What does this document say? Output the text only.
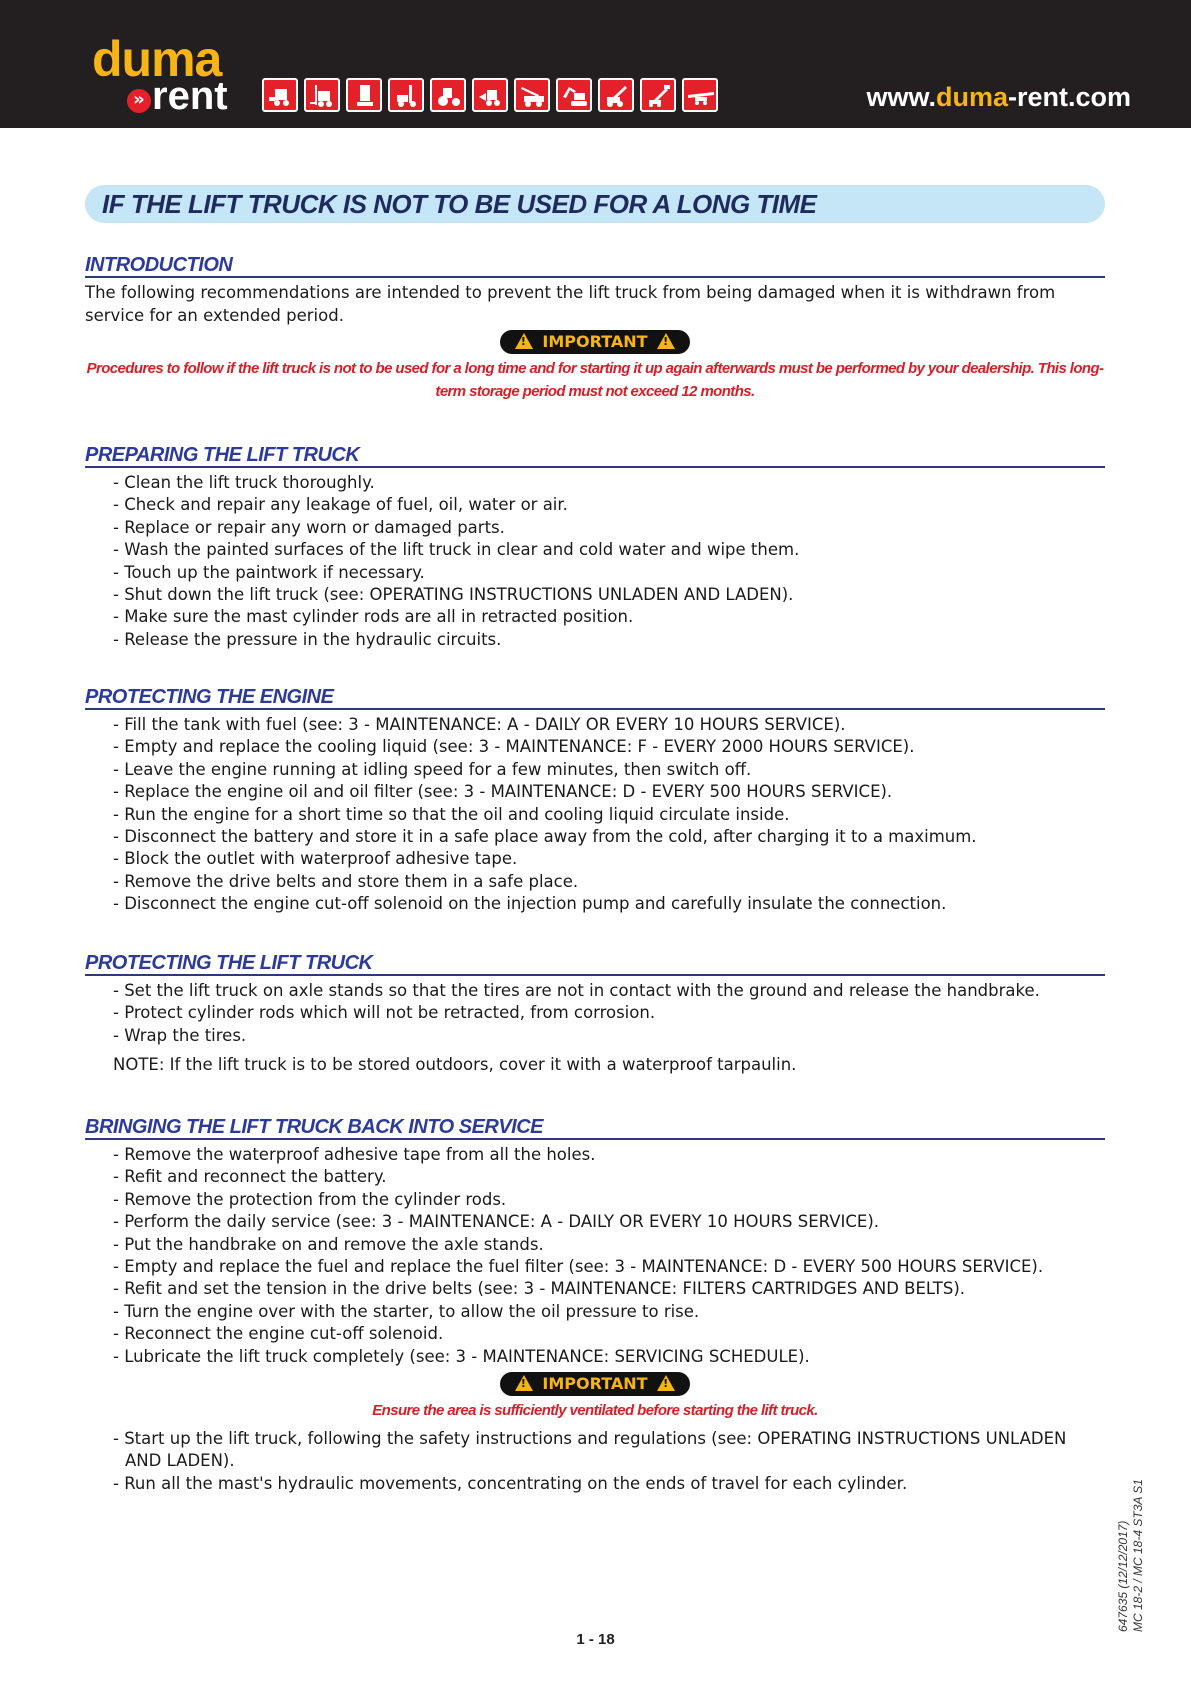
duma
» rent	www.duma-rent.com
IF THE LIFT TRUCK IS NOT TO BE USED FOR A LONG TIME
INTRODUCTION
The following recommendations are intended to prevent the lift truck from being damaged when it is withdrawn from service for an extended period.
! IMPORTANT !
Procedures to follow if the lift truck is not to be used for a long time and for starting it up again afterwards must be performed by your dealership. This long-term storage period must not exceed 12 months.
PREPARING THE LIFT TRUCK
- Clean the lift truck thoroughly.
- Check and repair any leakage of fuel, oil, water or air.
- Replace or repair any worn or damaged parts.
- Wash the painted surfaces of the lift truck in clear and cold water and wipe them.
- Touch up the paintwork if necessary.
- Shut down the lift truck (see: OPERATING INSTRUCTIONS UNLADEN AND LADEN).
- Make sure the mast cylinder rods are all in retracted position.
- Release the pressure in the hydraulic circuits.
PROTECTING THE ENGINE
- Fill the tank with fuel (see: 3 - MAINTENANCE: A - DAILY OR EVERY 10 HOURS SERVICE).
- Empty and replace the cooling liquid (see: 3 - MAINTENANCE: F - EVERY 2000 HOURS SERVICE).
- Leave the engine running at idling speed for a few minutes, then switch off.
- Replace the engine oil and oil filter (see: 3 - MAINTENANCE: D - EVERY 500 HOURS SERVICE).
- Run the engine for a short time so that the oil and cooling liquid circulate inside.
- Disconnect the battery and store it in a safe place away from the cold, after charging it to a maximum.
- Block the outlet with waterproof adhesive tape.
- Remove the drive belts and store them in a safe place.
- Disconnect the engine cut-off solenoid on the injection pump and carefully insulate the connection.
PROTECTING THE LIFT TRUCK
- Set the lift truck on axle stands so that the tires are not in contact with the ground and release the handbrake.
- Protect cylinder rods which will not be retracted, from corrosion.
- Wrap the tires.
NOTE: If the lift truck is to be stored outdoors, cover it with a waterproof tarpaulin.
BRINGING THE LIFT TRUCK BACK INTO SERVICE
- Remove the waterproof adhesive tape from all the holes.
- Refit and reconnect the battery.
- Remove the protection from the cylinder rods.
- Perform the daily service (see: 3 - MAINTENANCE: A - DAILY OR EVERY 10 HOURS SERVICE).
- Put the handbrake on and remove the axle stands.
- Empty and replace the fuel and replace the fuel filter (see: 3 - MAINTENANCE: D - EVERY 500 HOURS SERVICE).
- Refit and set the tension in the drive belts (see: 3 - MAINTENANCE: FILTERS CARTRIDGES AND BELTS).
- Turn the engine over with the starter, to allow the oil pressure to rise.
- Reconnect the engine cut-off solenoid.
- Lubricate the lift truck completely (see: 3 - MAINTENANCE: SERVICING SCHEDULE).
! IMPORTANT !
Ensure the area is sufficiently ventilated before starting the lift truck.
- Start up the lift truck, following the safety instructions and regulations (see: OPERATING INSTRUCTIONS UNLADEN AND LADEN).
- Run all the mast's hydraulic movements, concentrating on the ends of travel for each cylinder.
647635 (12/12/2017) MC 18-2 / MC 18-4 ST3A S1
1 - 18
